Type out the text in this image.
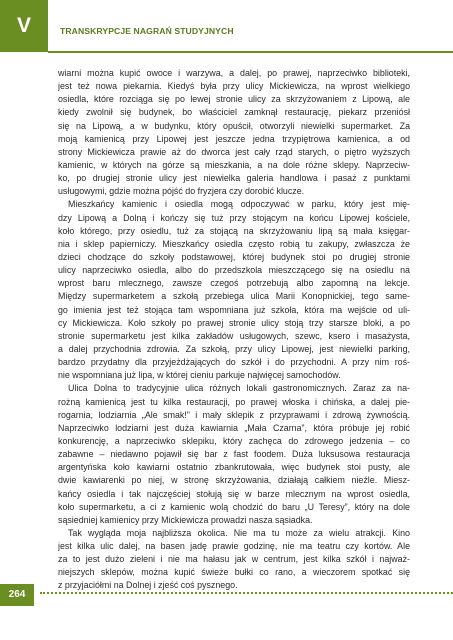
V	TRANSKRYPCJE NAGRAŃ STUDYJNYCH
wiarni można kupić owoce i warzywa, a dalej, po prawej, naprzeciwko biblioteki,
jest też nowa piekarnia. Kiedyś była przy ulicy Mickiewicza, na wprost wielkiego
osiedla, które rozciąga się po lewej stronie ulicy za skrzyżowaniem z Lipową, ale
kiedy zwolnił się budynek, bo właściciel zamknął restaurację, piekarz przeniósł
się na Lipową, a w budynku, który opuścił, otworzyli niewielki supermarket. Za
moją kamienicą przy Lipowej jest jeszcze jedna trzypiętrowa kamienica, a od
strony Mickiewicza prawie aż do dworca jest cały rząd starych, o piętro wyższych
kamienic, w których na górze są mieszkania, a na dole różne sklepy. Naprzeciw-
ko, po drugiej stronie ulicy jest niewielka galeria handlowa i pasaż z punktami
usługowymi, gdzie można pójść do fryzjera czy dorobić klucze.
Mieszkańcy kamienic i osiedla mogą odpoczywać w parku, który jest mię-
dzy Lipową a Dolną i kończy się tuż przy stojącym na końcu Lipowej kościele,
koło którego, przy osiedlu, tuż za stojącą na skrzyżowaniu lipą są mała księgar-
nia i sklep papierniczy. Mieszkańcy osiedla często robią tu zakupy, zwłaszcza że
dzieci chodzące do szkoły podstawowej, której budynek stoi po drugiej stronie
ulicy naprzeciwko osiedla, albo do przedszkola mieszczącego się na osiedlu na
wprost baru mlecznego, zawsze czegoś potrzebują albo zapomną na lekcje.
Między supermarketem a szkołą przebiega ulica Marii Konopnickiej, tego same-
go imienia jest też stojąca tam wspomniana już szkoła, która ma wejście od uli-
cy Mickiewicza. Koło szkoły po prawej stronie ulicy stoją trzy starsze bloki, a po
stronie supermarketu jest kilka zakładów usługowych, szewc, ksero i masażysta,
a dalej przychodnia zdrowia. Za szkołą, przy ulicy Lipowej, jest niewielki parking,
bardzo przydatny dla przyjeżdżających do szkół i do przychodni. A przy nim roś-
nie wspomniana już lipa, w której cieniu parkuje najwięcej samochodów.
Ulica Dolna to tradycyjnie ulica różnych lokali gastronomicznych. Zaraz za na-
rożną kamienicą jest tu kilka restauracji, po prawej włoska i chińska, a dalej pie-
rogarnia, lodziarnia „Ale smak!” i mały sklepik z przyprawami i zdrową żywnością.
Naprzeciwko lodziarni jest duża kawiarnia „Mała Czarna”, która próbuje jej robić
konkurencję, a naprzeciwko sklepiku, który zachęca do zdrowego jedzenia – co
zabawne – niedawno pojawił się bar z fast foodem. Duża luksusowa restauracja
argentyńska koło kawiarni ostatnio zbankrutowała, więc budynek stoi pusty, ale
dwie kawiarenki po niej, w stronę skrzyżowania, działają całkiem nieźle. Miesz-
kańcy osiedla i tak najczęściej stołują się w barze mlecznym na wprost osiedla,
koło supermarketu, a ci z kamienic wolą chodzić do baru „U Teresy”, który na dole
sąsiedniej kamienicy przy Mickiewicza prowadzi nasza sąsiadka.
Tak wygląda moja najbliższa okolica. Nie ma tu może za wielu atrakcji. Kino
jest kilka ulic dalej, na basen jadę prawie godzinę, nie ma teatru czy kortów. Ale
za to jest dużo zieleni i nie ma hałasu jak w centrum, jest kilka szkół i najważ-
niejszych sklepów, można kupić świeże bułki co rano, a wieczorem spotkać się
z przyjaciółmi na Dolnej i zjeść coś pysznego.
264
